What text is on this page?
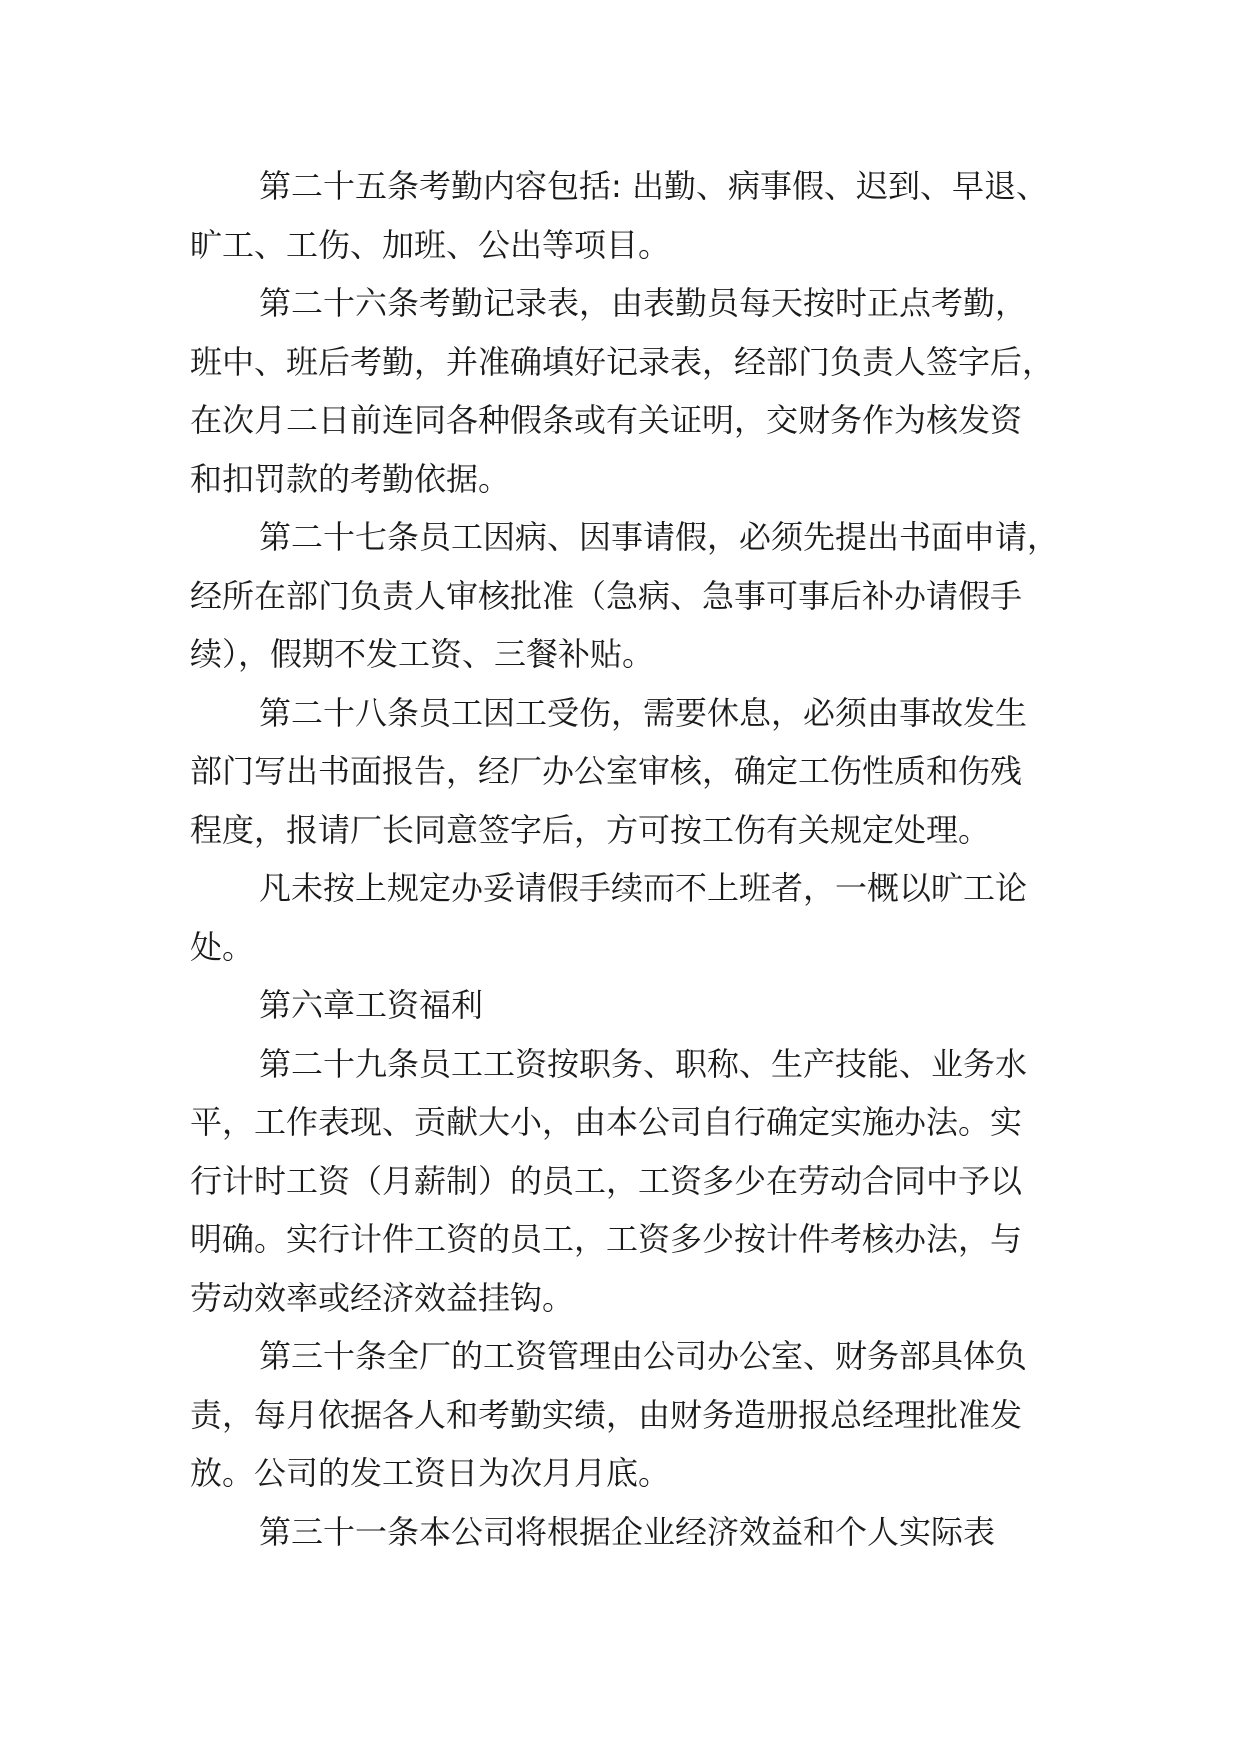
第二十五条考勤内容包括: 出勤、病事假、迟到、早退、

旷工、工伤、加班、公出等项目。

第二十六条考勤记录表，由表勤员每天按时正点考勤，

班中、班后考勤，并准确填好记录表，经部门负责人签字后，

在次月二日前连同各种假条或有关证明，交财务作为核发资

和扣罚款的考勤依据。

第二十七条员工因病、因事请假，必须先提出书面申请，

经所在部门负责人审核批准（急病、急事可事后补办请假手

续），假期不发工资、三餐补贴。

第二十八条员工因工受伤，需要休息，必须由事故发生

部门写出书面报告，经厂办公室审核，确定工伤性质和伤残

程度，报请厂长同意签字后，方可按工伤有关规定处理。

凡未按上规定办妥请假手续而不上班者，一概以旷工论

处。

第六章工资福利

第二十九条员工工资按职务、职称、生产技能、业务水

平，工作表现、贡献大小，由本公司自行确定实施办法。实

行计时工资（月薪制）的员工，工资多少在劳动合同中予以

明确。实行计件工资的员工，工资多少按计件考核办法，与

劳动效率或经济效益挂钩。

第三十条全厂的工资管理由公司办公室、财务部具体负

责，每月依据各人和考勤实绩，由财务造册报总经理批准发

放。公司的发工资日为次月月底。

第三十一条本公司将根据企业经济效益和个人实际表
